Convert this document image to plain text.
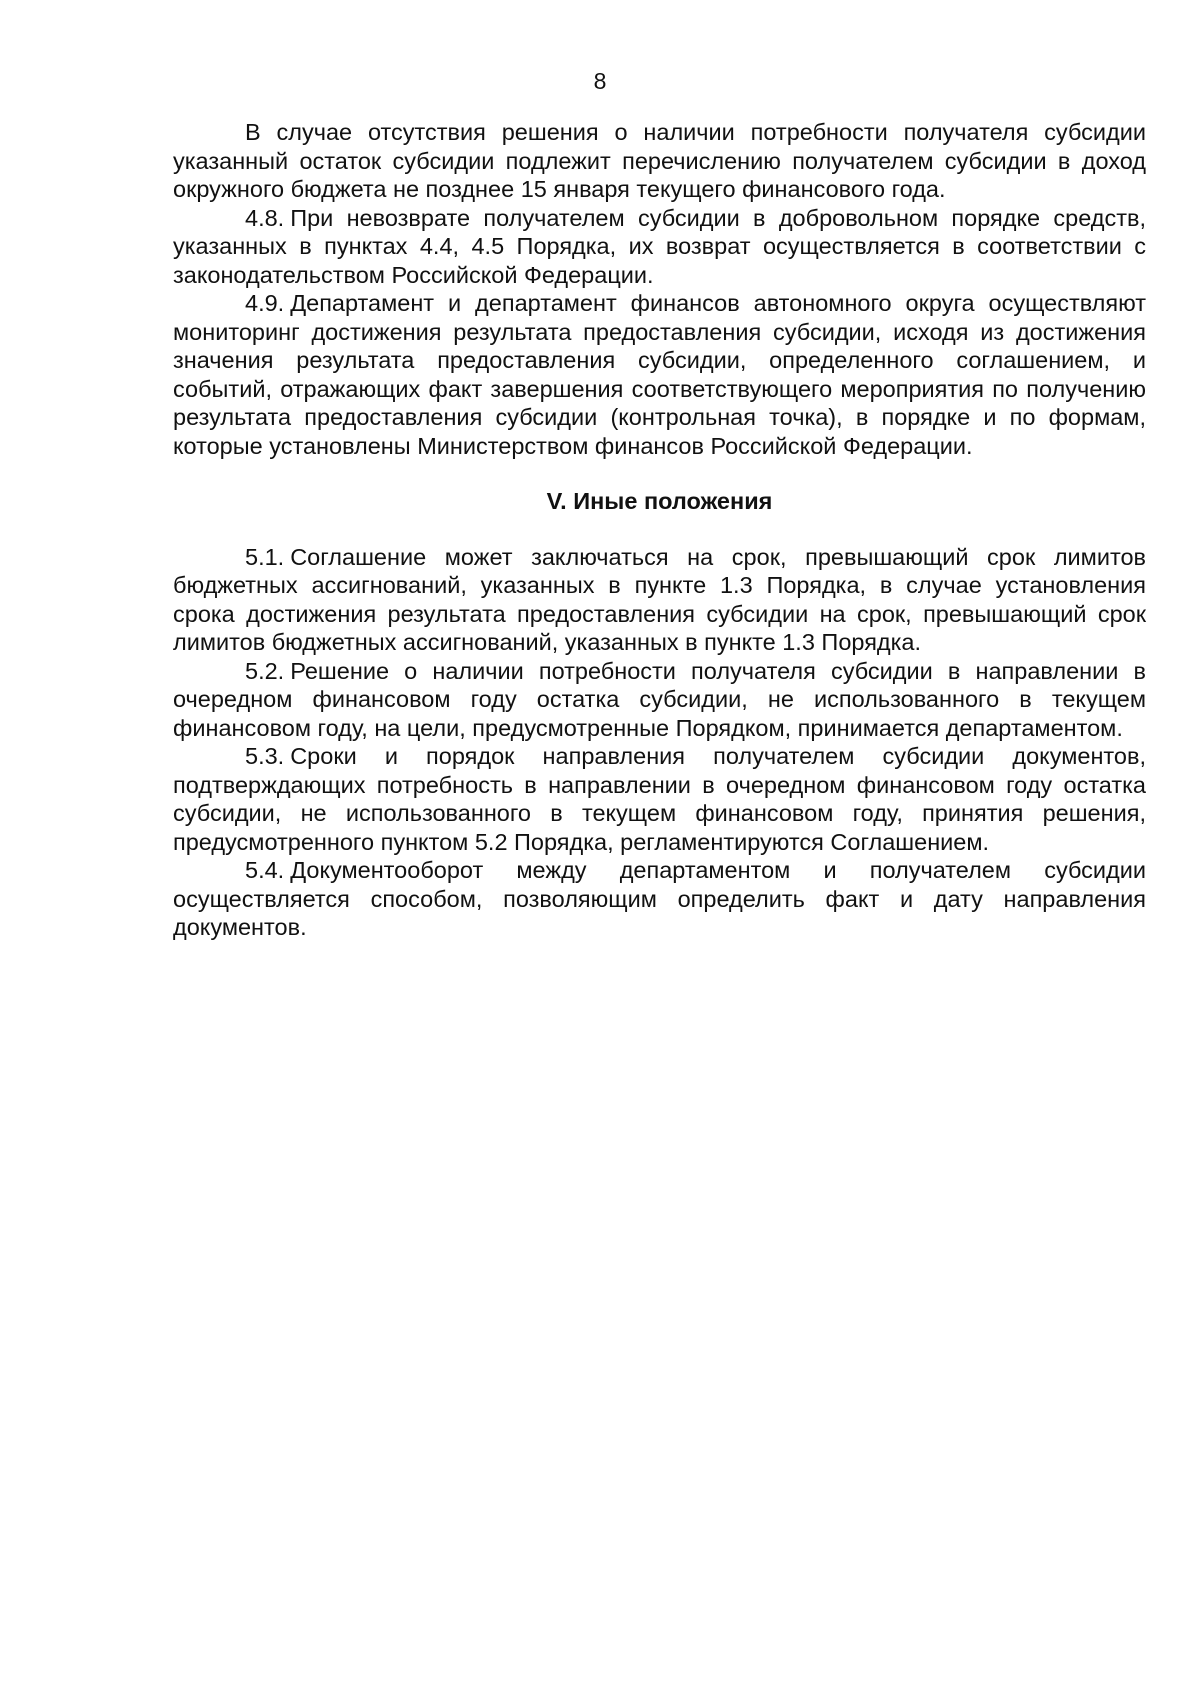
8

В случае отсутствия решения о наличии потребности получателя субсидии указанный остаток субсидии подлежит перечислению получателем субсидии в доход окружного бюджета не позднее 15 января текущего финансового года.

4.8. При невозврате получателем субсидии в добровольном порядке средств, указанных в пунктах 4.4, 4.5 Порядка, их возврат осуществляется в соответствии с законодательством Российской Федерации.

4.9. Департамент и департамент финансов автономного округа осуществляют мониторинг достижения результата предоставления субсидии, исходя из достижения значения результата предоставления субсидии, определенного соглашением, и событий, отражающих факт завершения соответствующего мероприятия по получению результата предоставления субсидии (контрольная точка), в порядке и по формам, которые установлены Министерством финансов Российской Федерации.

V. Иные положения

5.1. Соглашение может заключаться на срок, превышающий срок лимитов бюджетных ассигнований, указанных в пункте 1.3 Порядка, в случае установления срока достижения результата предоставления субсидии на срок, превышающий срок лимитов бюджетных ассигнований, указанных в пункте 1.3 Порядка.

5.2. Решение о наличии потребности получателя субсидии в направлении в очередном финансовом году остатка субсидии, не использованного в текущем финансовом году, на цели, предусмотренные Порядком, принимается департаментом.

5.3. Сроки и порядок направления получателем субсидии документов, подтверждающих потребность в направлении в очередном финансовом году остатка субсидии, не использованного в текущем финансовом году, принятия решения, предусмотренного пунктом 5.2 Порядка, регламентируются Соглашением.

5.4. Документооборот между департаментом и получателем субсидии осуществляется способом, позволяющим определить факт и дату направления документов.
